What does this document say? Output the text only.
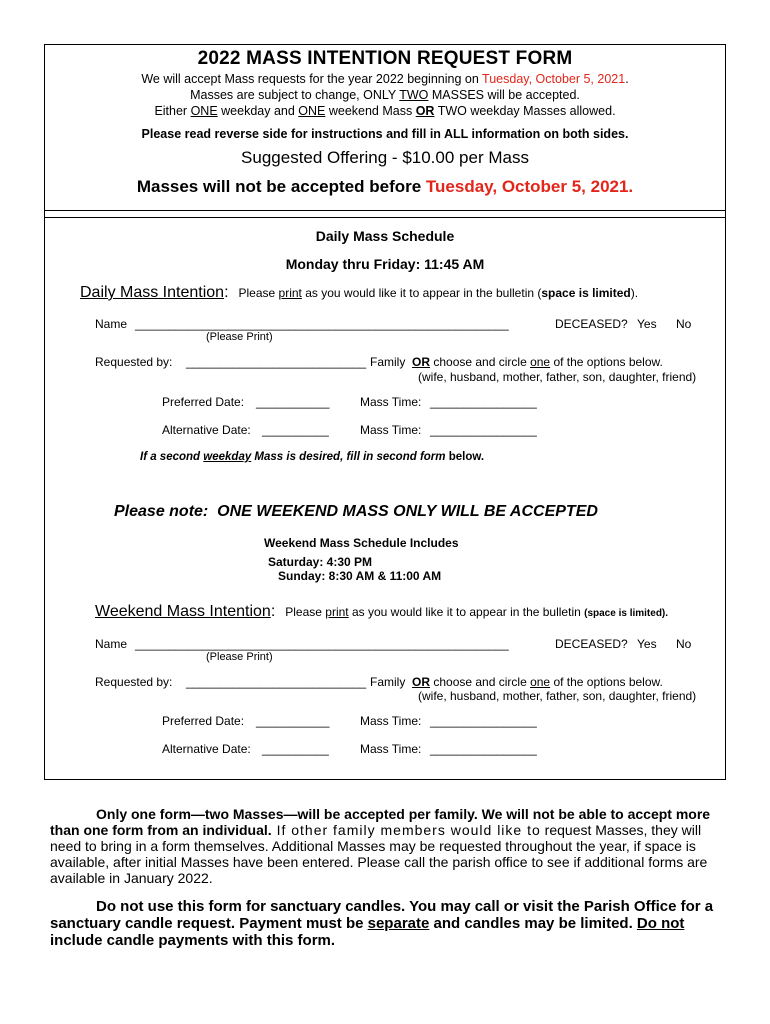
2022 MASS INTENTION REQUEST FORM
We will accept Mass requests for the year 2022 beginning on Tuesday, October 5, 2021.
Masses are subject to change, ONLY TWO MASSES will be accepted.
Either ONE weekday and ONE weekend Mass OR TWO weekday Masses allowed.
Please read reverse side for instructions and fill in ALL information on both sides.
Suggested Offering - $10.00 per Mass
Masses will not be accepted before Tuesday, October 5, 2021.
Daily Mass Schedule
Monday thru Friday: 11:45 AM
Daily Mass Intention: Please print as you would like it to appear in the bulletin (space is limited).
Name ________________________________________________________	DECEASED? Yes No
(Please Print)
Requested by: ___________________________ Family OR choose and circle one of the options below.
(wife, husband, mother, father, son, daughter, friend)
Preferred Date: ___________	Mass Time: ________________
Alternative Date: __________	Mass Time: ________________
If a second weekday Mass is desired, fill in second form below.
Please note: ONE WEEKEND MASS ONLY WILL BE ACCEPTED
Weekend Mass Schedule Includes
Saturday: 4:30 PM
Sunday: 8:30 AM & 11:00 AM
Weekend Mass Intention: Please print as you would like it to appear in the bulletin (space is limited).
Name ________________________________________________________	DECEASED? Yes No
(Please Print)
Requested by: ___________________________ Family OR choose and circle one of the options below.
(wife, husband, mother, father, son, daughter, friend)
Preferred Date: ___________	Mass Time: ________________
Alternative Date: __________	Mass Time: ________________
Only one form—two Masses—will be accepted per family. We will not be able to accept more than one form from an individual. If other family members would like to request Masses, they will need to bring in a form themselves. Additional Masses may be requested throughout the year, if space is available, after initial Masses have been entered. Please call the parish office to see if additional forms are available in January 2022.
Do not use this form for sanctuary candles. You may call or visit the Parish Office for a sanctuary candle request. Payment must be separate and candles may be limited. Do not include candle payments with this form.
